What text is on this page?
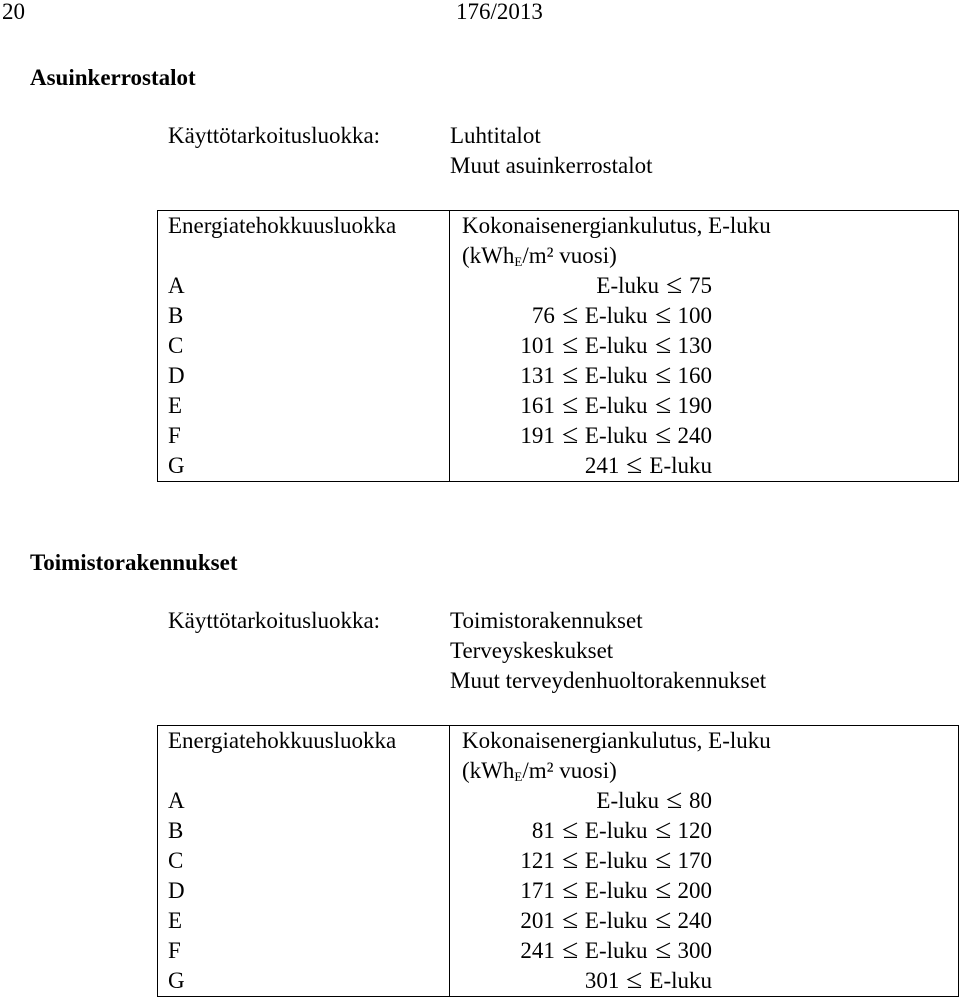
20	176/2013
Asuinkerrostalot
Käyttötarkoitusluokka:	Luhtitalot
Muut asuinkerrostalot
Energiatehokkuusluokka	Kokonaisenergiankulutus, E-luku
(kWh$_E$/m² vuosi)

A	E-luku 75

B	76 E-luku 100

C	101 E-luku 130

D	131 E-luku 160

E	161 E-luku 190

F	191 E-luku 240

G	241 E-luku
Toimistorakennukset
Käyttötarkoitusluokka:	Toimistorakennukset
Terveyskeskukset
Muut terveydenhuoltorakennukset
Energiatehokkuusluokka	Kokonaisenergiankulutus, E-luku
(kWh$_E$/m² vuosi)

A	E-luku 80

B	81 E-luku 120

C	121 E-luku 170

D	171 E-luku 200

E	201 E-luku 240

F	241 E-luku 300

G	301 E-luku
